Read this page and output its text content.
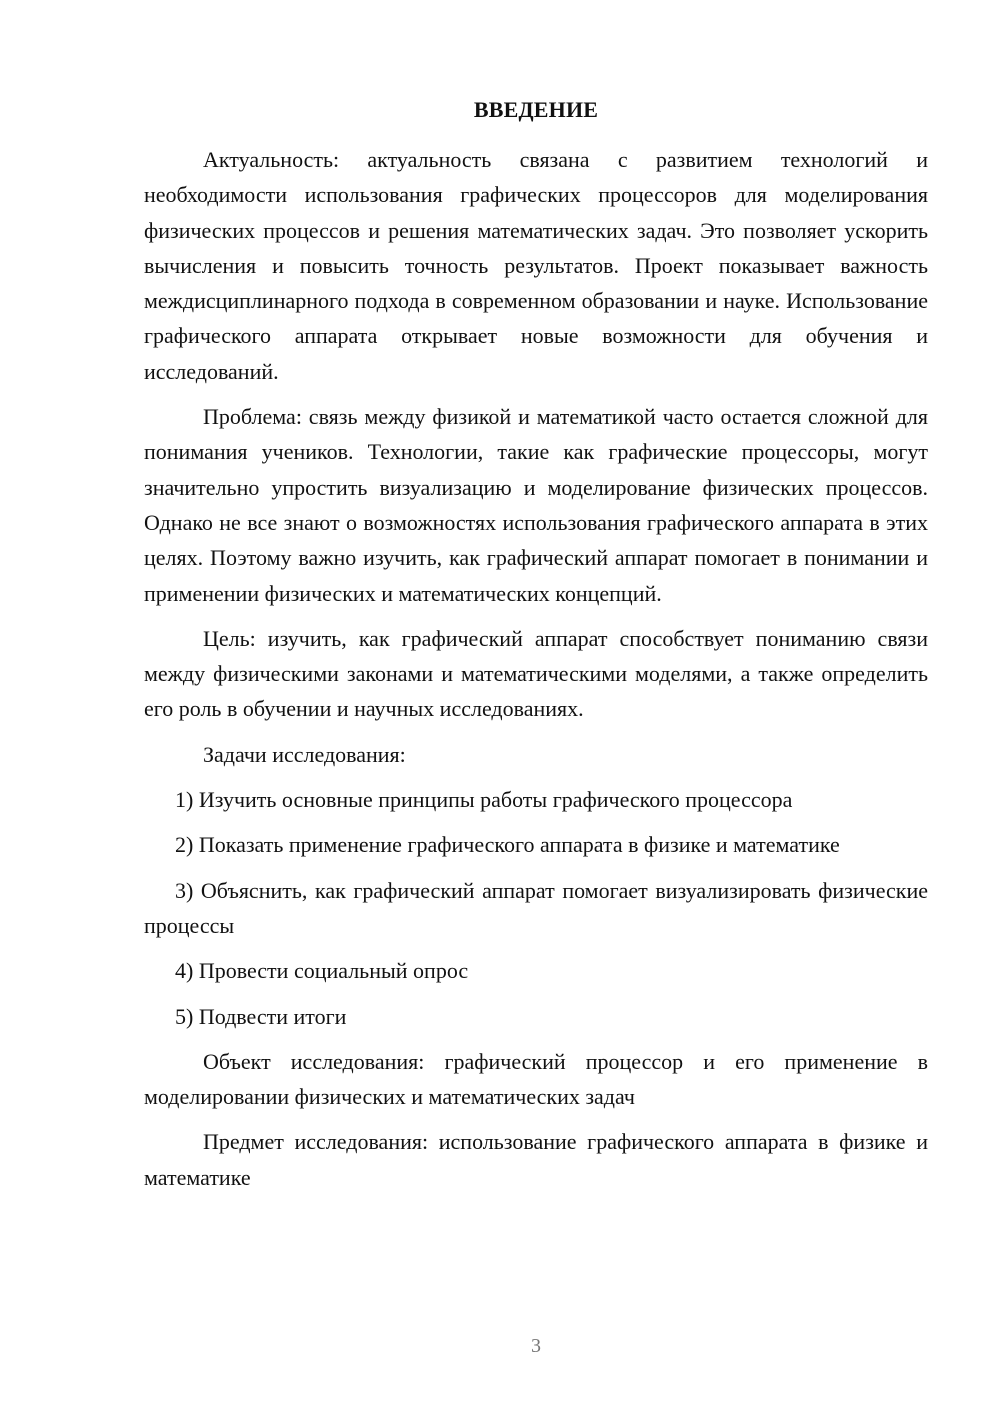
ВВЕДЕНИЕ

Актуальность: актуальность связана с развитием технологий и необходимости использования графических процессоров для моделирования физических процессов и решения математических задач. Это позволяет ускорить вычисления и повысить точность результатов. Проект показывает важность междисциплинарного подхода в современном образовании и науке. Использование графического аппарата открывает новые возможности для обучения и исследований.

Проблема: связь между физикой и математикой часто остается сложной для понимания учеников. Технологии, такие как графические процессоры, могут значительно упростить визуализацию и моделирование физических процессов. Однако не все знают о возможностях использования графического аппарата в этих целях. Поэтому важно изучить, как графический аппарат помогает в понимании и применении физических и математических концепций.

Цель: изучить, как графический аппарат способствует пониманию связи между физическими законами и математическими моделями, а также определить его роль в обучении и научных исследованиях.

Задачи исследования:

1) Изучить основные принципы работы графического процессора

2) Показать применение графического аппарата в физике и математике

3) Объяснить, как графический аппарат помогает визуализировать физические процессы

4) Провести социальный опрос

5) Подвести итоги

Объект исследования: графический процессор и его применение в моделировании физических и математических задач

Предмет исследования: использование графического аппарата в физике и математике

3
